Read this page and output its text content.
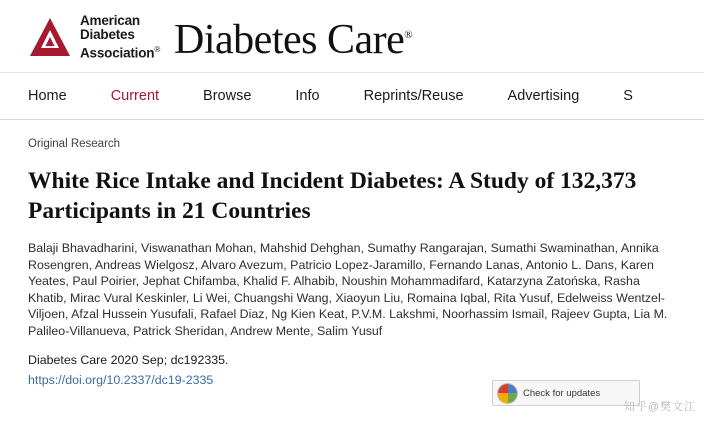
American
Diabetes
Association® Diabetes Care®
Home	Current	Browse	Info	Reprints/Reuse	Advertising	S
Original Research
White Rice Intake and Incident Diabetes: A Study of 132,373 Participants in 21 Countries
Balaji Bhavadharini, Viswanathan Mohan, Mahshid Dehghan, Sumathy Rangarajan, Sumathi Swaminathan, Annika Rosengren, Andreas Wielgosz, Alvaro Avezum, Patricio Lopez-Jaramillo, Fernando Lanas, Antonio L. Dans, Karen Yeates, Paul Poirier, Jephat Chifamba, Khalid F. Alhabib, Noushin Mohammadifard, Katarzyna Zatońska, Rasha Khatib, Mirac Vural Keskinler, Li Wei, Chuangshi Wang, Xiaoyun Liu, Romaina Iqbal, Rita Yusuf, Edelweiss Wentzel-Viljoen, Afzal Hussein Yusufali, Rafael Diaz, Ng Kien Keat, P.V.M. Lakshmi, Noorhassim Ismail, Rajeev Gupta, Lia M. Palileo-Villanueva, Patrick Sheridan, Andrew Mente, Salim Yusuf
Diabetes Care 2020 Sep; dc192335.
https://doi.org/10.2337/dc19-2335
Check for updates
知乎@樊文江
